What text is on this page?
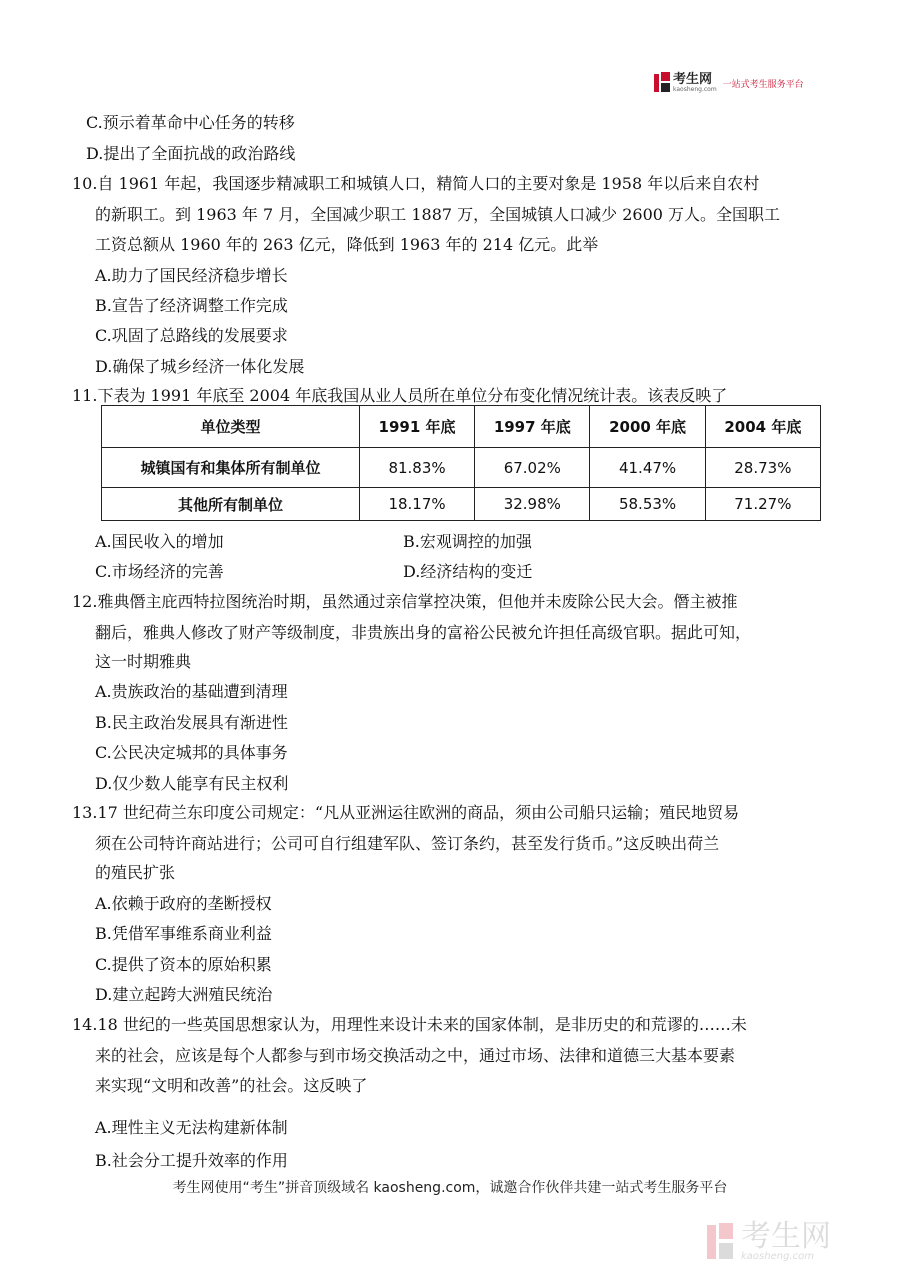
考生网
kaosheng.com 一站式考生服务平台
C.预示着革命中心任务的转移
D.提出了全面抗战的政治路线
10.自 1961 年起，我国逐步精减职工和城镇人口，精简人口的主要对象是 1958 年以后来自农村
的新职工。到 1963 年 7 月，全国减少职工 1887 万，全国城镇人口减少 2600 万人。全国职工
工资总额从 1960 年的 263 亿元，降低到 1963 年的 214 亿元。此举
A.助力了国民经济稳步增长
B.宣告了经济调整工作完成
C.巩固了总路线的发展要求
D.确保了城乡经济一体化发展
11.下表为 1991 年底至 2004 年底我国从业人员所在单位分布变化情况统计表。该表反映了
单位类型	1991 年底	1997 年底	2000 年底	2004 年底
城镇国有和集体所有制单位	81.83%	67.02%	41.47%	28.73%
其他所有制单位	18.17%	32.98%	58.53%	71.27%
A.国民收入的增加	B.宏观调控的加强
C.市场经济的完善	D.经济结构的变迁
12.雅典僭主庇西特拉图统治时期，虽然通过亲信掌控决策，但他并未废除公民大会。僭主被推
翻后，雅典人修改了财产等级制度，非贵族出身的富裕公民被允许担任高级官职。据此可知，
这一时期雅典
A.贵族政治的基础遭到清理
B.民主政治发展具有渐进性
C.公民决定城邦的具体事务
D.仅少数人能享有民主权利
13.17 世纪荷兰东印度公司规定：“凡从亚洲运往欧洲的商品，须由公司船只运输；殖民地贸易
须在公司特许商站进行；公司可自行组建军队、签订条约，甚至发行货币。”这反映出荷兰
的殖民扩张
A.依赖于政府的垄断授权
B.凭借军事维系商业利益
C.提供了资本的原始积累
D.建立起跨大洲殖民统治
14.18 世纪的一些英国思想家认为，用理性来设计未来的国家体制，是非历史的和荒谬的……未
来的社会，应该是每个人都参与到市场交换活动之中，通过市场、法律和道德三大基本要素
来实现“文明和改善”的社会。这反映了
A.理性主义无法构建新体制
B.社会分工提升效率的作用
考生网使用“考生”拼音顶级域名 kaosheng.com，诚邀合作伙伴共建一站式考生服务平台
考生网
kaosheng.com
